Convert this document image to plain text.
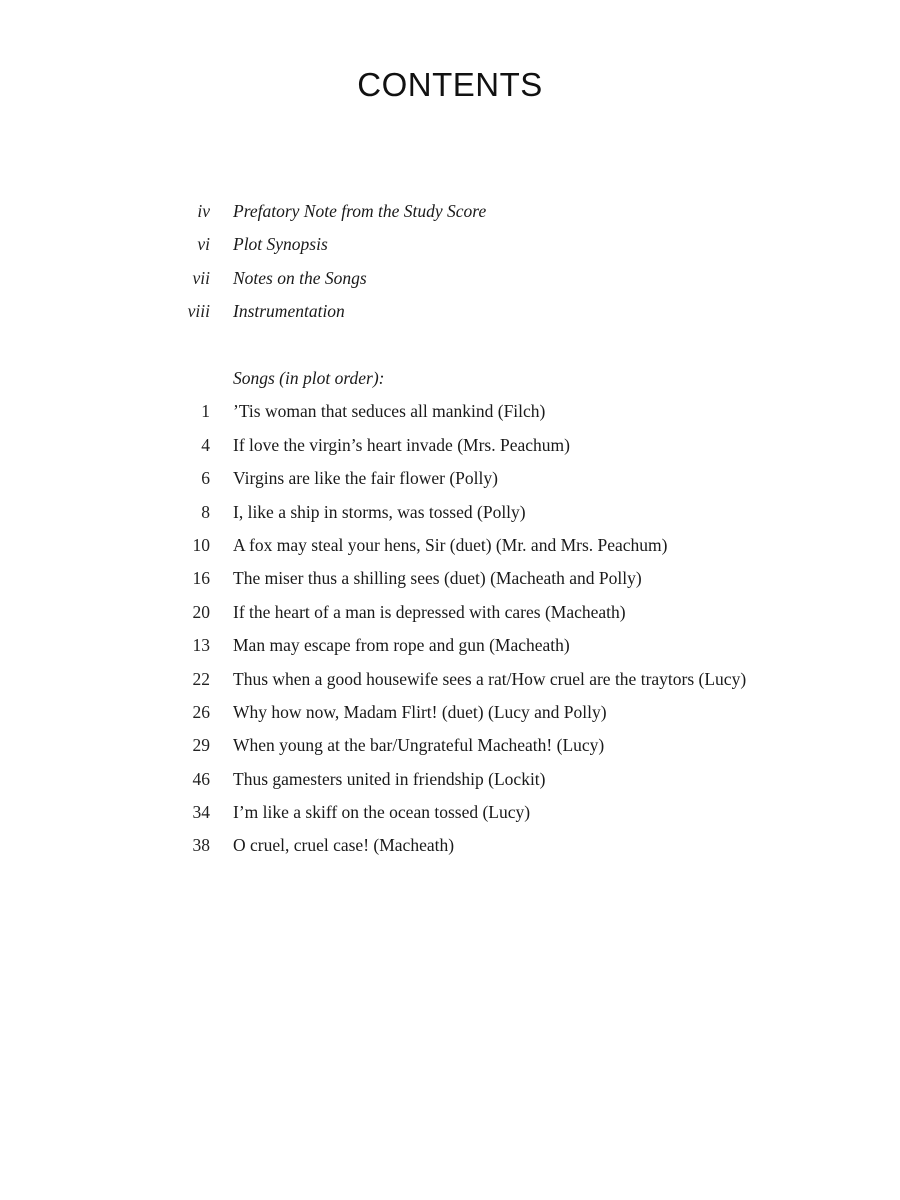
CONTENTS
iv Prefatory Note from the Study Score
vi Plot Synopsis
vii Notes on the Songs
viii Instrumentation
Songs (in plot order):
1 ’Tis woman that seduces all mankind (Filch)
4 If love the virgin’s heart invade (Mrs. Peachum)
6 Virgins are like the fair flower (Polly)
8 I, like a ship in storms, was tossed (Polly)
10 A fox may steal your hens, Sir (duet) (Mr. and Mrs. Peachum)
16 The miser thus a shilling sees (duet) (Macheath and Polly)
20 If the heart of a man is depressed with cares (Macheath)
13 Man may escape from rope and gun (Macheath)
22 Thus when a good housewife sees a rat/How cruel are the traytors (Lucy)
26 Why how now, Madam Flirt! (duet) (Lucy and Polly)
29 When young at the bar/Ungrateful Macheath! (Lucy)
46 Thus gamesters united in friendship (Lockit)
34 I’m like a skiff on the ocean tossed (Lucy)
38 O cruel, cruel case! (Macheath)
